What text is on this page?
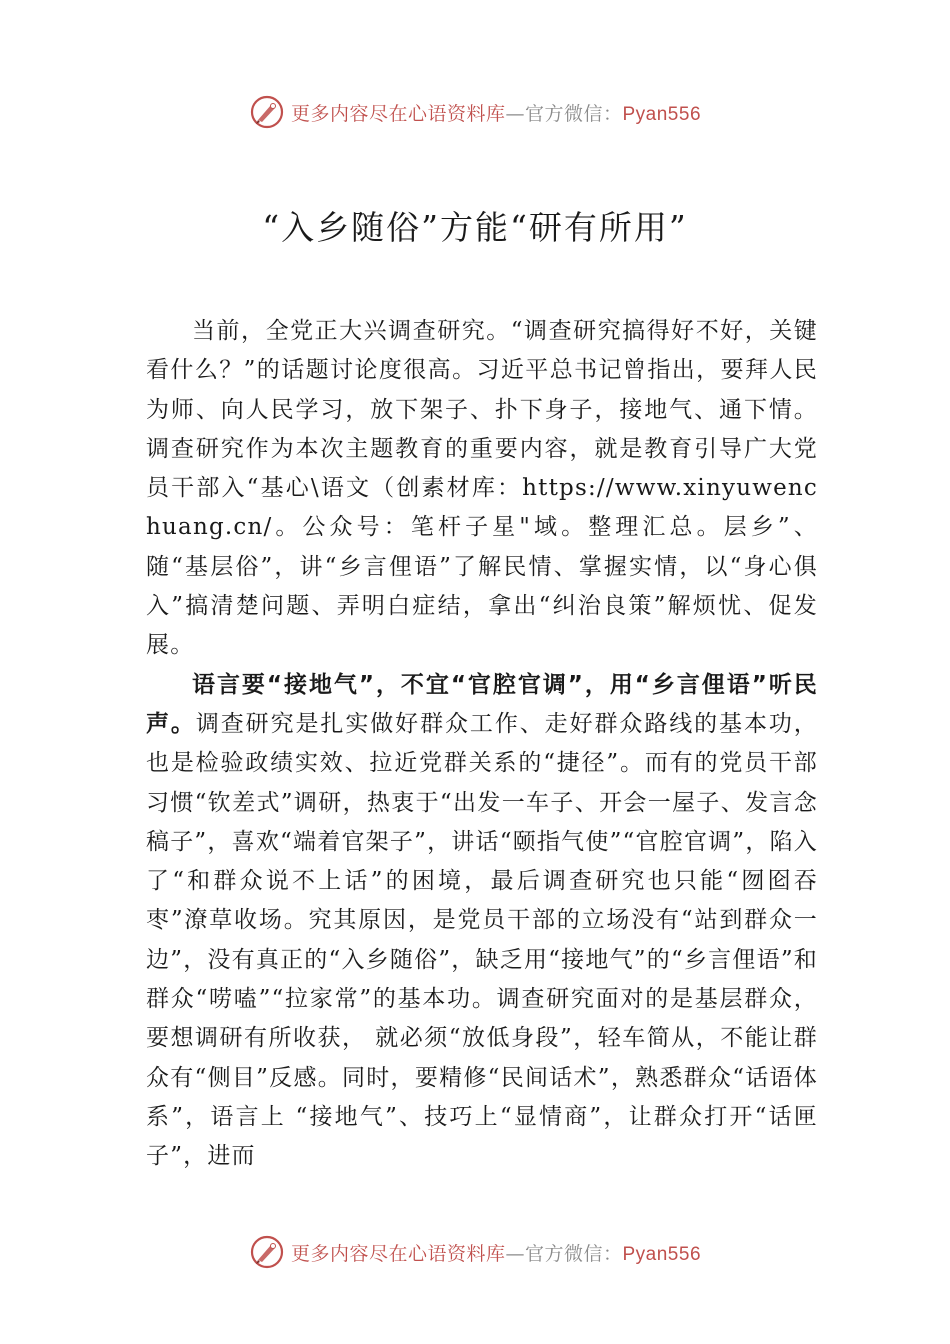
更多内容尽在心语资料库—官方微信：Pyan556
“入乡随俗”方能“研有所用”

当前，全党正大兴调查研究。“调查研究搞得好不好，关键看什么？”的话题讨论度很高。习近平总书记曾指出，要拜人民为师、向人民学习，放下架子、扑下身子，接地气、通下情。调查研究作为本次主题教育的重要内容，就是教育引导广大党员干部入“基心\语文（创素材库：https://www.xinyuwenchuang.cn/。公众号：笔杆子星"域。整理汇总。层乡”、随“基层俗”，讲“乡言俚语”了解民情、掌握实情，以“身心俱入”搞清楚问题、弄明白症结，拿出“纠治良策”解烦忧、促发展。

语言要“接地气”，不宜“官腔官调”，用“乡言俚语”听民声。调查研究是扎实做好群众工作、走好群众路线的基本功，也是检验政绩实效、拉近党群关系的“捷径”。而有的党员干部习惯“钦差式”调研，热衷于“出发一车子、开会一屋子、发言念稿子”，喜欢“端着官架子”，讲话“颐指气使”“官腔官调”，陷入了“和群众说不上话”的困境，最后调查研究也只能“囫囵吞枣”潦草收场。究其原因，是党员干部的立场没有“站到群众一边”，没有真正的“入乡随俗”，缺乏用“接地气”的“乡言俚语”和群众“唠嗑”“拉家常”的基本功。调查研究面对的是基层群众，要想调研有所收获， 就必须“放低身段”，轻车简从，不能让群众有“侧目”反感。同时，要精修“民间话术”，熟悉群众“话语体系”，语言上 “接地气”、技巧上“显情商”，让群众打开“话匣子”，进而

更多内容尽在心语资料库—官方微信：Pyan556
